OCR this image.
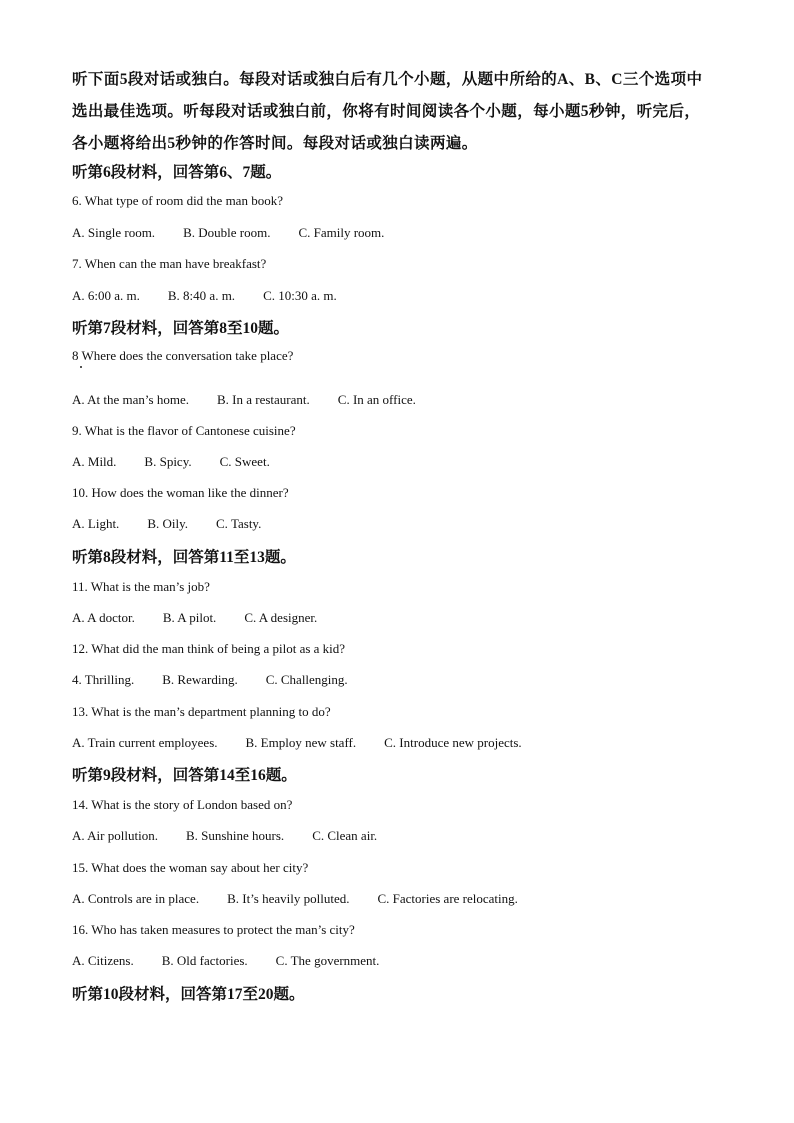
听下面5段对话或独白。每段对话或独白后有几个小题，从题中所给的A、B、C三个选项中
选出最佳选项。听每段对话或独白前，你将有时间阅读各个小题，每小题5秒钟，听完后，
各小题将给出5秒钟的作答时间。每段对话或独白读两遍。
听第6段材料，回答第6、7题。
6. What type of room did the man book?
A. Single room. B. Double room. C. Family room.
7. When can the man have breakfast?
A. 6:00 a. m. B. 8:40 a. m. C. 10:30 a. m.
听第7段材料，回答第8至10题。
8 Where does the conversation take place?
A. At the man’s home. B. In a restaurant. C. In an office.
9. What is the flavor of Cantonese cuisine?
A. Mild. B. Spicy. C. Sweet.
10. How does the woman like the dinner?
A. Light. B. Oily. C. Tasty.
听第8段材料，回答第11至13题。
11. What is the man’s job?
A. A doctor. B. A pilot. C. A designer.
12. What did the man think of being a pilot as a kid?
4. Thrilling. B. Rewarding. C. Challenging.
13. What is the man’s department planning to do?
A. Train current employees. B. Employ new staff. C. Introduce new projects.
听第9段材料，回答第14至16题。
14. What is the story of London based on?
A. Air pollution. B. Sunshine hours. C. Clean air.
15. What does the woman say about her city?
A. Controls are in place. B. It’s heavily polluted. C. Factories are relocating.
16. Who has taken measures to protect the man’s city?
A. Citizens. B. Old factories. C. The government.
听第10段材料，回答第17至20题。
